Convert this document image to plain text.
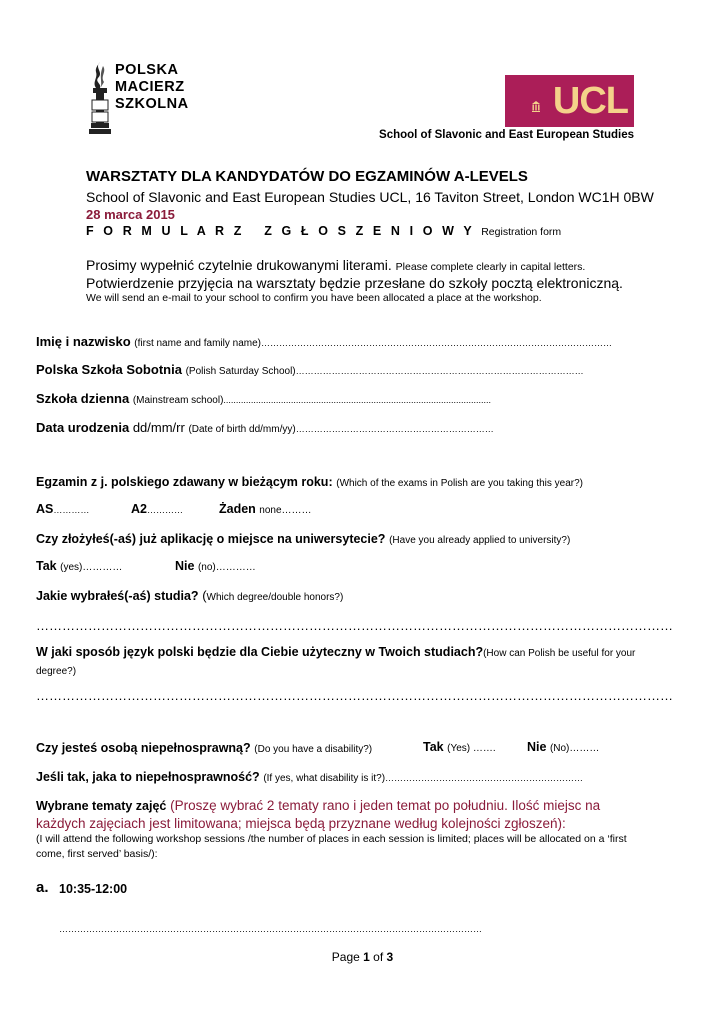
POLSKA
MACIERZ
SZKOLNA	UCL
School of Slavonic and East European Studies
WARSZTATY DLA KANDYDATÓW DO EGZAMINÓW A-LEVELS
School of Slavonic and East European Studies UCL, 16 Taviton Street, London WC1H 0BW
28 marca 2015
F O R M U L A R Z   Z G Ł O S Z E N I O W Y Registration form
Prosimy wypełnić czytelnie drukowanymi literami. Please complete clearly in capital letters.
Potwierdzenie przyjęcia na warsztaty będzie przesłane do szkoły pocztą elektroniczną.
We will send an e-mail to your school to confirm you have been allocated a place at the workshop.
Imię i nazwisko (first name and family name)………………………………………………………………………………………………………
Polska Szkoła Sobotnia (Polish Saturday School)……………………………………………………………………………………
Szkoła dzienna (Mainstream school)...........................................................................................................
Data urodzenia dd/mm/rr (Date of birth dd/mm/yy)…………………………………………………………
Egzamin z j. polskiego zdawany w bieżącym roku: (Which of the exams in Polish are you taking this year?)
AS…………	A2…………	Żaden none………
Czy złożyłeś(-aś) już aplikację o miejsce na uniwersytecie? (Have you already applied to university?)
Tak (yes)…………	Nie (no)…………
Jakie wybrałeś(-aś) studia? (Which degree/double honors?)
…………………………………………………………………………………………………………………………………
W jaki sposób język polski będzie dla Ciebie użyteczny w Twoich studiach?(How can Polish be useful for your degree?)
…………………………………………………………………………………………………………………………………
Czy jesteś osobą niepełnosprawną? (Do you have a disability?)	Tak (Yes) …….	Nie (No)………
Jeśli tak, jaka to niepełnosprawność? (If yes, what disability is it?)…………………………………………………………
Wybrane tematy zajęć (Proszę wybrać 2 tematy rano i jeden temat po południu. Ilość miejsc na każdych zajęciach jest limitowana; miejsca będą przyznane według kolejności zgłoszeń):
(I will attend the following workshop sessions /the number of places in each session is limited; places will be allocated on a ‘first come, first served’ basis/):
a. 10:35-12:00
……………………………………………………………………………………………………………………………
Page 1 of 3
